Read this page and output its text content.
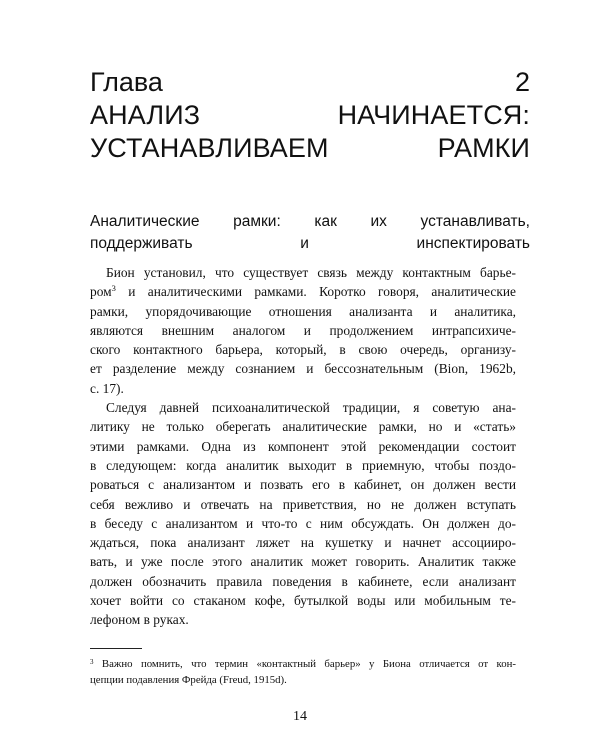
Глава 2
АНАЛИЗ НАЧИНАЕТСЯ:
УСТАНАВЛИВАЕМ РАМКИ
Аналитические рамки: как их устанавливать,
поддерживать и инспектировать
Бион установил, что существует связь между контактным барье-
ром$^3$ и аналитическими рамками. Коротко говоря, аналитические
рамки, упорядочивающие отношения анализанта и аналитика,
являются внешним аналогом и продолжением интрапсихиче-
ского контактного барьера, который, в свою очередь, организу-
ет разделение между сознанием и бессознательным (Bion, 1962b,
с. 17).
Следуя давней психоаналитической традиции, я советую ана-
литику не только оберегать аналитические рамки, но и «стать»
этими рамками. Одна из компонент этой рекомендации состоит
в следующем: когда аналитик выходит в приемную, чтобы поздо-
роваться с анализантом и позвать его в кабинет, он должен вести
себя вежливо и отвечать на приветствия, но не должен вступать
в беседу с анализантом и что-то с ним обсуждать. Он должен до-
ждаться, пока анализант ляжет на кушетку и начнет ассоцииро-
вать, и уже после этого аналитик может говорить. Аналитик также
должен обозначить правила поведения в кабинете, если анализант
хочет войти со стаканом кофе, бутылкой воды или мобильным те-
лефоном в руках.
$^3$ Важно помнить, что термин «контактный барьер» у Биона отличается от кон-
цепции подавления Фрейда (Freud, 1915d).
14
